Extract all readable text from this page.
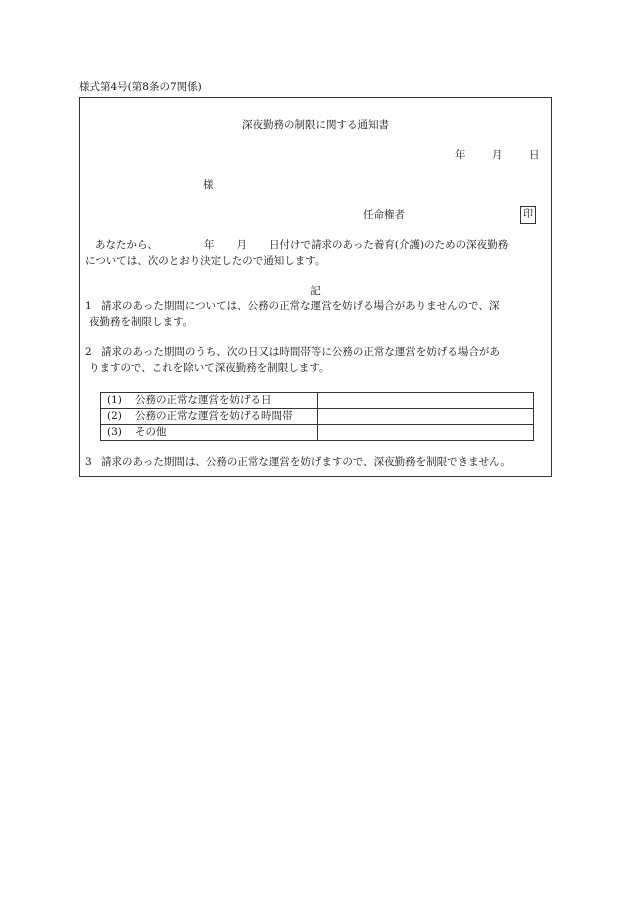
様式第4号(第8条の7関係)
深夜勤務の制限に関する通知書
年	月	日
様
任命権者	印
あなたから、	年 月 日付けで請求のあった養育(介護)のための深夜勤務
については、次のとおり決定したので通知します。
記
1 請求のあった期間については、公務の正常な運営を妨げる場合がありませんので、深
夜勤務を制限します。
2 請求のあった期間のうち、次の日又は時間帯等に公務の正常な運営を妨げる場合があ
りますので、これを除いて深夜勤務を制限します。
(1) 公務の正常な運営を妨げる日	
(2) 公務の正常な運営を妨げる時間帯	
(3) その他	
3 請求のあった期間は、公務の正常な運営を妨げますので、深夜勤務を制限できません。
